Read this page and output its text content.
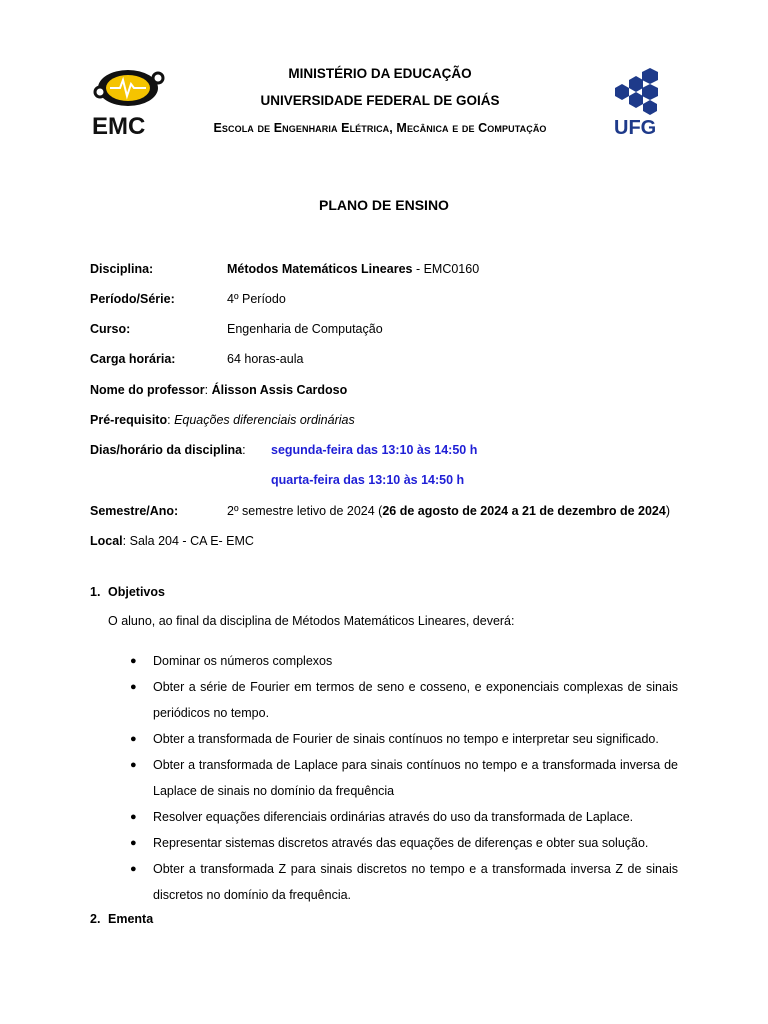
EMC
MINISTÉRIO DA EDUCAÇÃO
UNIVERSIDADE FEDERAL DE GOIÁS
Escola de Engenharia Elétrica, Mecânica e de Computação	UFG
PLANO DE ENSINO
Disciplina:	Métodos Matemáticos Lineares - EMC0160
Período/Série:	4º Período
Curso:	Engenharia de Computação
Carga horária:	64 horas-aula
Nome do professor: Álisson Assis Cardoso
Pré-requisito: Equações diferenciais ordinárias
Dias/horário da disciplina: segunda-feira das 13:10 às 14:50 h
quarta-feira das 13:10 às 14:50 h
Semestre/Ano:	2º semestre letivo de 2024 (26 de agosto de 2024 a 21 de dezembro de 2024)
Local: Sala 204 - CA E- EMC
1. Objetivos
O aluno, ao final da disciplina de Métodos Matemáticos Lineares, deverá:
● Dominar os números complexos
● Obter a série de Fourier em termos de seno e cosseno, e exponenciais complexas de sinais periódicos no tempo.
● Obter a transformada de Fourier de sinais contínuos no tempo e interpretar seu significado.
● Obter a transformada de Laplace para sinais contínuos no tempo e a transformada inversa de Laplace de sinais no domínio da frequência
● Resolver equações diferenciais ordinárias através do uso da transformada de Laplace.
● Representar sistemas discretos através das equações de diferenças e obter sua solução.
● Obter a transformada Z para sinais discretos no tempo e a transformada inversa Z de sinais discretos no domínio da frequência.
2. Ementa
